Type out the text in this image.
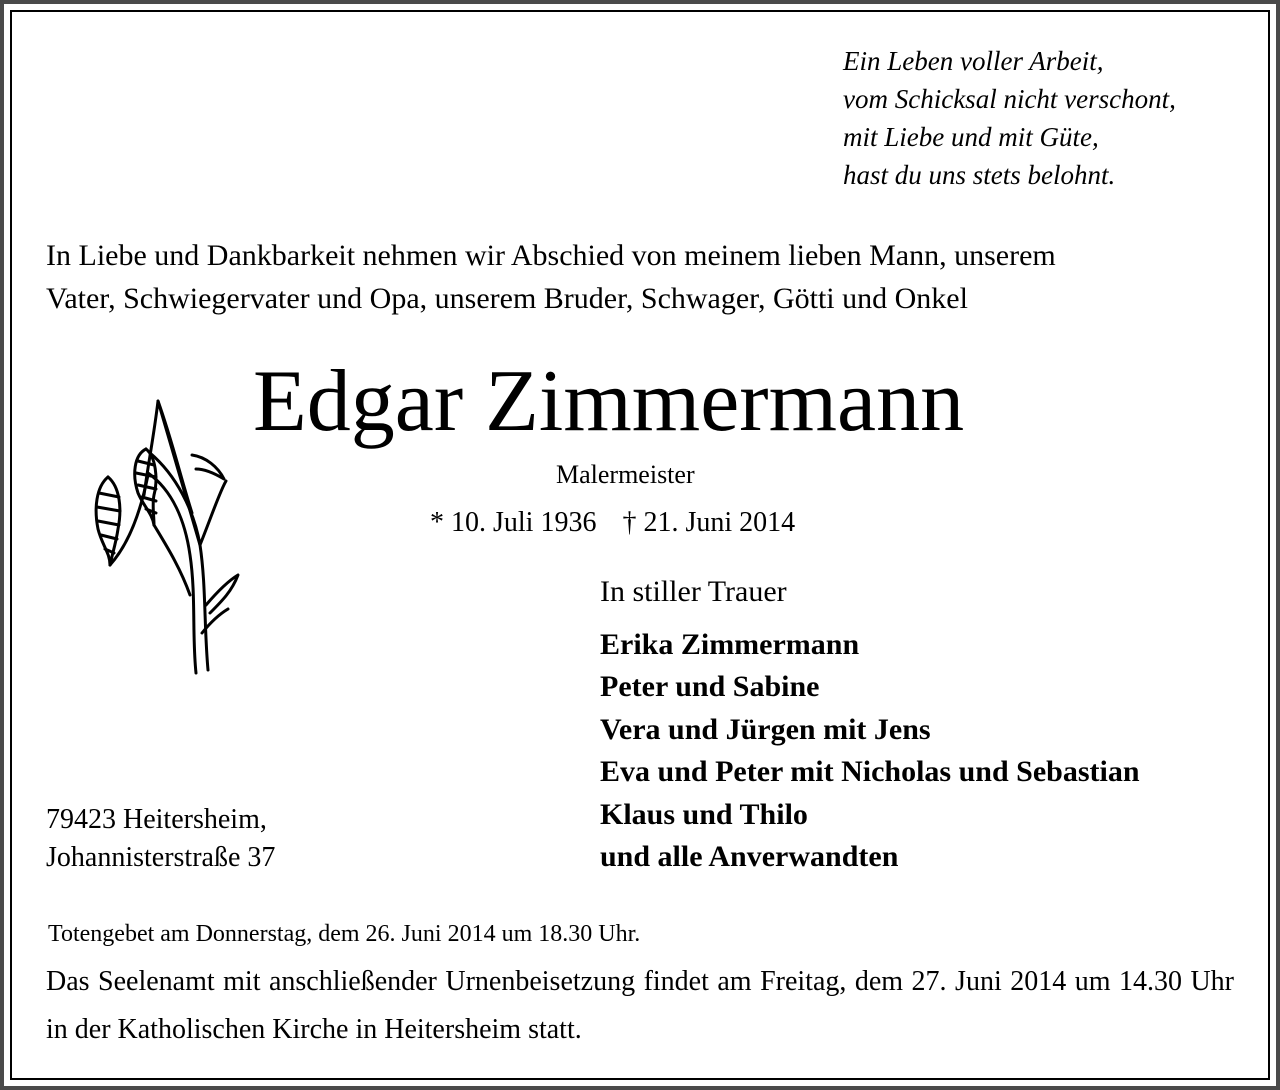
Ein Leben voller Arbeit,
vom Schicksal nicht verschont,
mit Liebe und mit Güte,
hast du uns stets belohnt.
In Liebe und Dankbarkeit nehmen wir Abschied von meinem lieben Mann, unserem
Vater, Schwiegervater und Opa, unserem Bruder, Schwager, Götti und Onkel
Edgar Zimmermann
Malermeister
* 10. Juli 1936 † 21. Juni 2014
In stiller Trauer
Erika Zimmermann
Peter und Sabine
Vera und Jürgen mit Jens
Eva und Peter mit Nicholas und Sebastian
Klaus und Thilo
und alle Anverwandten
79423 Heitersheim,
Johannisterstraße 37
Totengebet am Donnerstag, dem 26. Juni 2014 um 18.30 Uhr.
Das Seelenamt mit anschließender Urnenbeisetzung findet am Freitag, dem 27. Juni 2014 um 14.30 Uhr in der Katholischen Kirche in Heitersheim statt.
